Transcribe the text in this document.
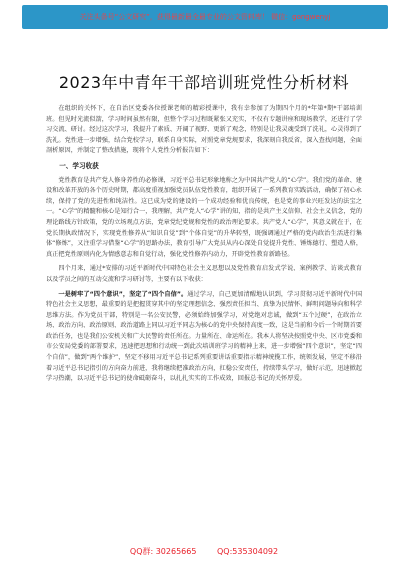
关注头条号“公文研究”，获得最新最全最专业的公文资料库！ 微信：gongwenyj
2023年中青年干部培训班党性分析材料

在组织的关怀下，在自治区党委各位授课老师的精彩授课中，我有幸参加了为期四个月的*年第*期*干部培训班。但见时光流似箭，学习时间虽然有限，但整个学习过程既紧张又充实，不仅有专题讲座和现场教学，还进行了学习交流、研讨。经过这次学习，我提升了素质、开阔了视野、更新了观念，特别是让我灵魂受到了洗礼，心灵得到了洗礼。党性进一步增强，结合党校学习，联系自身实际，对照党章党规要求，我深刻自我反省，深入查找问题，全面剖析原因，并制定了整改措施，现将个人党性分析报告如下：

一、学习收获

党性教育是共产党人修身养性的必修课，习近平总书记形象地称之为中国共产党人的“心学”。我们党的革命、建设和改革开放的各个历史时期，都高度重视加强党员队伍党性教育，组织开展了一系列教育实践活动，确保了初心永续，保持了党的先进性和纯洁性。这已成为党的建设的一个成功经验和优良传统，也是党的事业兴旺发达的法宝之一。“心学”的精髓和核心是知行合一，我理解，共产党人“心学”讲的知，指的是共产主义信仰、社会主义信念，党的理论路线方针政策，党的立场观点方法，党章党纪党规和党性的政治理论要求。共产党人“心学”，其意义就在于，在党长期执政情况下，实现党性修养从“知识自觉”到“个体自觉”的升华转型，既强调通过严格的党内政治生活进行集体“修炼”，又注重学习借鉴“心学”的思路办法，教育引导广大党员从内心深处自觉提升党性、锤炼德行、塑造人格，真正把党性原则内化为情感意志和自觉行动，强化党性修养内动力，开辟党性教育新路径。

四个月来，通过*安排的习近平新时代中国特色社会主义思想以及党性教育启发式学说、案例教学、访谈式教育以及学员之间的互动交流和学习研讨等，主要有以下收获：

一是树牢了“四个意识”，坚定了“四个自信”。通过学习，自己更加清醒地认识到，学习贯彻习近平新时代中国特色社会主义思想，最重要的是把握贯穿其中的坚定理想信念、强烈责任担当、真挚为民情怀、鲜明问题导向和科学思维方法。作为党员干部，特别是一名公安民警，必须始终加强学习，对党绝对忠诚，做到“五个过硬”，在政治立场、政治方向、政治原则、政治道路上同以习近平同志为核心的党中央保持高度一致，这是当前和今后一个时期首要政治任务，也是我们公安机关和广大民警的责任所在。力量所在、命运所在。我本人将坚决按照党中央、区市党委和市公安局党委的部署要求，迅速把思想和行动统一到此次培训班学习的精神上来，进一步增强“四个意识”，坚定“四个自信”，做到“两个维护”，坚定不移用习近平总书记系列重要讲话重要指示精神统揽工作，统领发展，坚定不移沿着习近平总书记指引的方向奋力前进，我将继续把准政治方向，扛稳公安责任，持续带头学习，做好示范，迅速掀起学习热潮，以习近平总书记的使命砥砺奋斗，以扎扎实实的工作成效，回报总书记的关怀厚爱。

QQ群: 30265665	QQ:535304092
